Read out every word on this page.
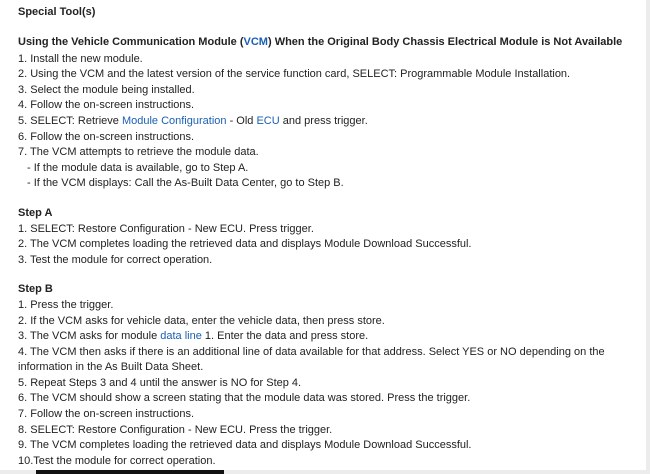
Special Tool(s)
Using the Vehicle Communication Module (VCM) When the Original Body Chassis Electrical Module is Not Available
1. Install the new module.
2. Using the VCM and the latest version of the service function card, SELECT: Programmable Module Installation.
3. Select the module being installed.
4. Follow the on-screen instructions.
5. SELECT: Retrieve Module Configuration - Old ECU and press trigger.
6. Follow the on-screen instructions.
7. The VCM attempts to retrieve the module data.
- If the module data is available, go to Step A.
- If the VCM displays: Call the As-Built Data Center, go to Step B.
Step A
1. SELECT: Restore Configuration - New ECU. Press trigger.
2. The VCM completes loading the retrieved data and displays Module Download Successful.
3. Test the module for correct operation.
Step B
1. Press the trigger.
2. If the VCM asks for vehicle data, enter the vehicle data, then press store.
3. The VCM asks for module data line 1. Enter the data and press store.
4. The VCM then asks if there is an additional line of data available for that address. Select YES or NO depending on the information in the As Built Data Sheet.
5. Repeat Steps 3 and 4 until the answer is NO for Step 4.
6. The VCM should show a screen stating that the module data was stored. Press the trigger.
7. Follow the on-screen instructions.
8. SELECT: Restore Configuration - New ECU. Press the trigger.
9. The VCM completes loading the retrieved data and displays Module Download Successful.
10.Test the module for correct operation.
